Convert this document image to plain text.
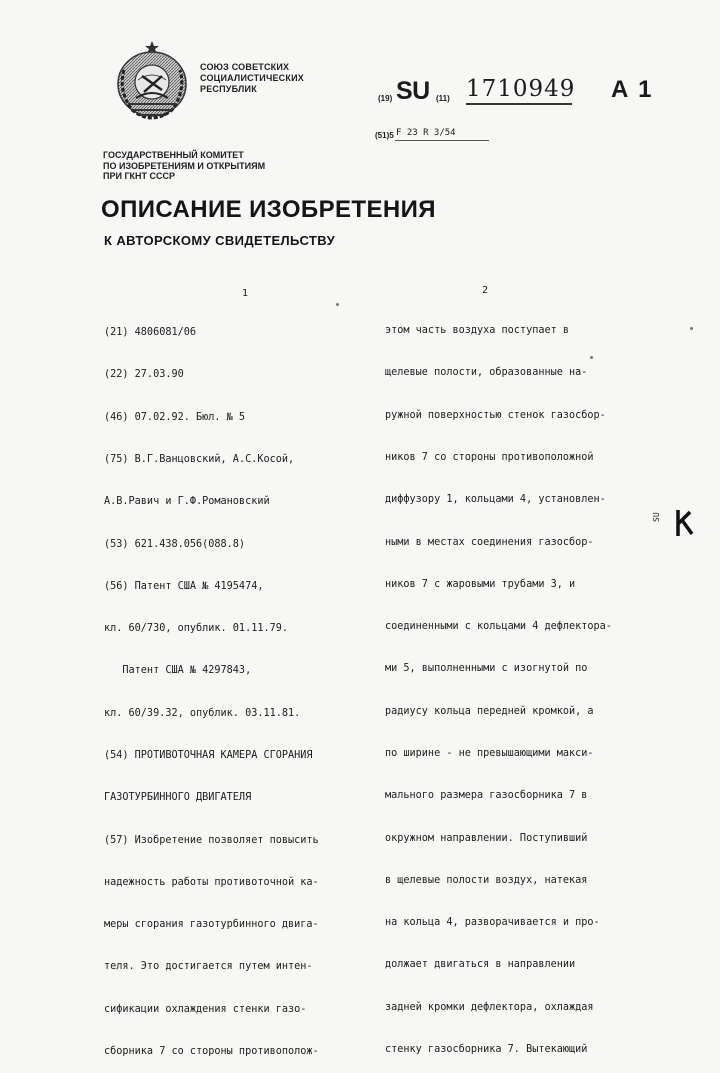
СОЮЗ СОВЕТСКИХ
СОЦИАЛИСТИЧЕСКИХ
РЕСПУБЛИК
(19) SU (11) 1710949 A 1
(51)5 F 23 R 3/54
ГОСУДАРСТВЕННЫЙ КОМИТЕТ
ПО ИЗОБРЕТЕНИЯМ И ОТКРЫТИЯМ
ПРИ ГКНТ СССР
ОПИСАНИЕ ИЗОБРЕТЕНИЯ
К АВТОРСКОМУ СВИДЕТЕЛЬСТВУ
1	2

(21) 4806081/06

(22) 27.03.90

(46) 07.02.92. Бюл. № 5

(75) В.Г.Ванцовский, А.С.Косой,

А.В.Равич и Г.Ф.Романовский

(53) 621.438.056(088.8)

(56) Патент США № 4195474,

кл. 60/730, опублик. 01.11.79.

Патент США № 4297843,

кл. 60/39.32, опублик. 03.11.81.

(54) ПРОТИВОТОЧНАЯ КАМЕРА СГОРАНИЯ

ГАЗОТУРБИННОГО ДВИГАТЕЛЯ

(57) Изобретение позволяет повысить

надежность работы противоточной ка-

меры сгорания газотурбинного двига-

теля. Это достигается путем интен-

сификации охлаждения стенки газо-

сборника 7 со стороны противополож-

этом часть воздуха поступает в

щелевые полости, образованные на-

ружной поверхностью стенок газосбор-

ников 7 со стороны противоположной

диффузору 1, кольцами 4, установлен-

ными в местах соединения газосбор-

ников 7 с жаровыми трубами 3, и

соединенными с кольцами 4 дефлектора-

ми 5, выполненными с изогнутой по

радиусу кольца передней кромкой, а

по ширине - не превышающими макси-

мального размера газосборника 7 в

окружном направлении. Поступивший

в щелевые полости воздух, натекая

на кольца 4, разворачивается и про-

должает двигаться в направлении

задней кромки дефлектора, охлаждая

стенку газосборника 7. Вытекающий

SU
